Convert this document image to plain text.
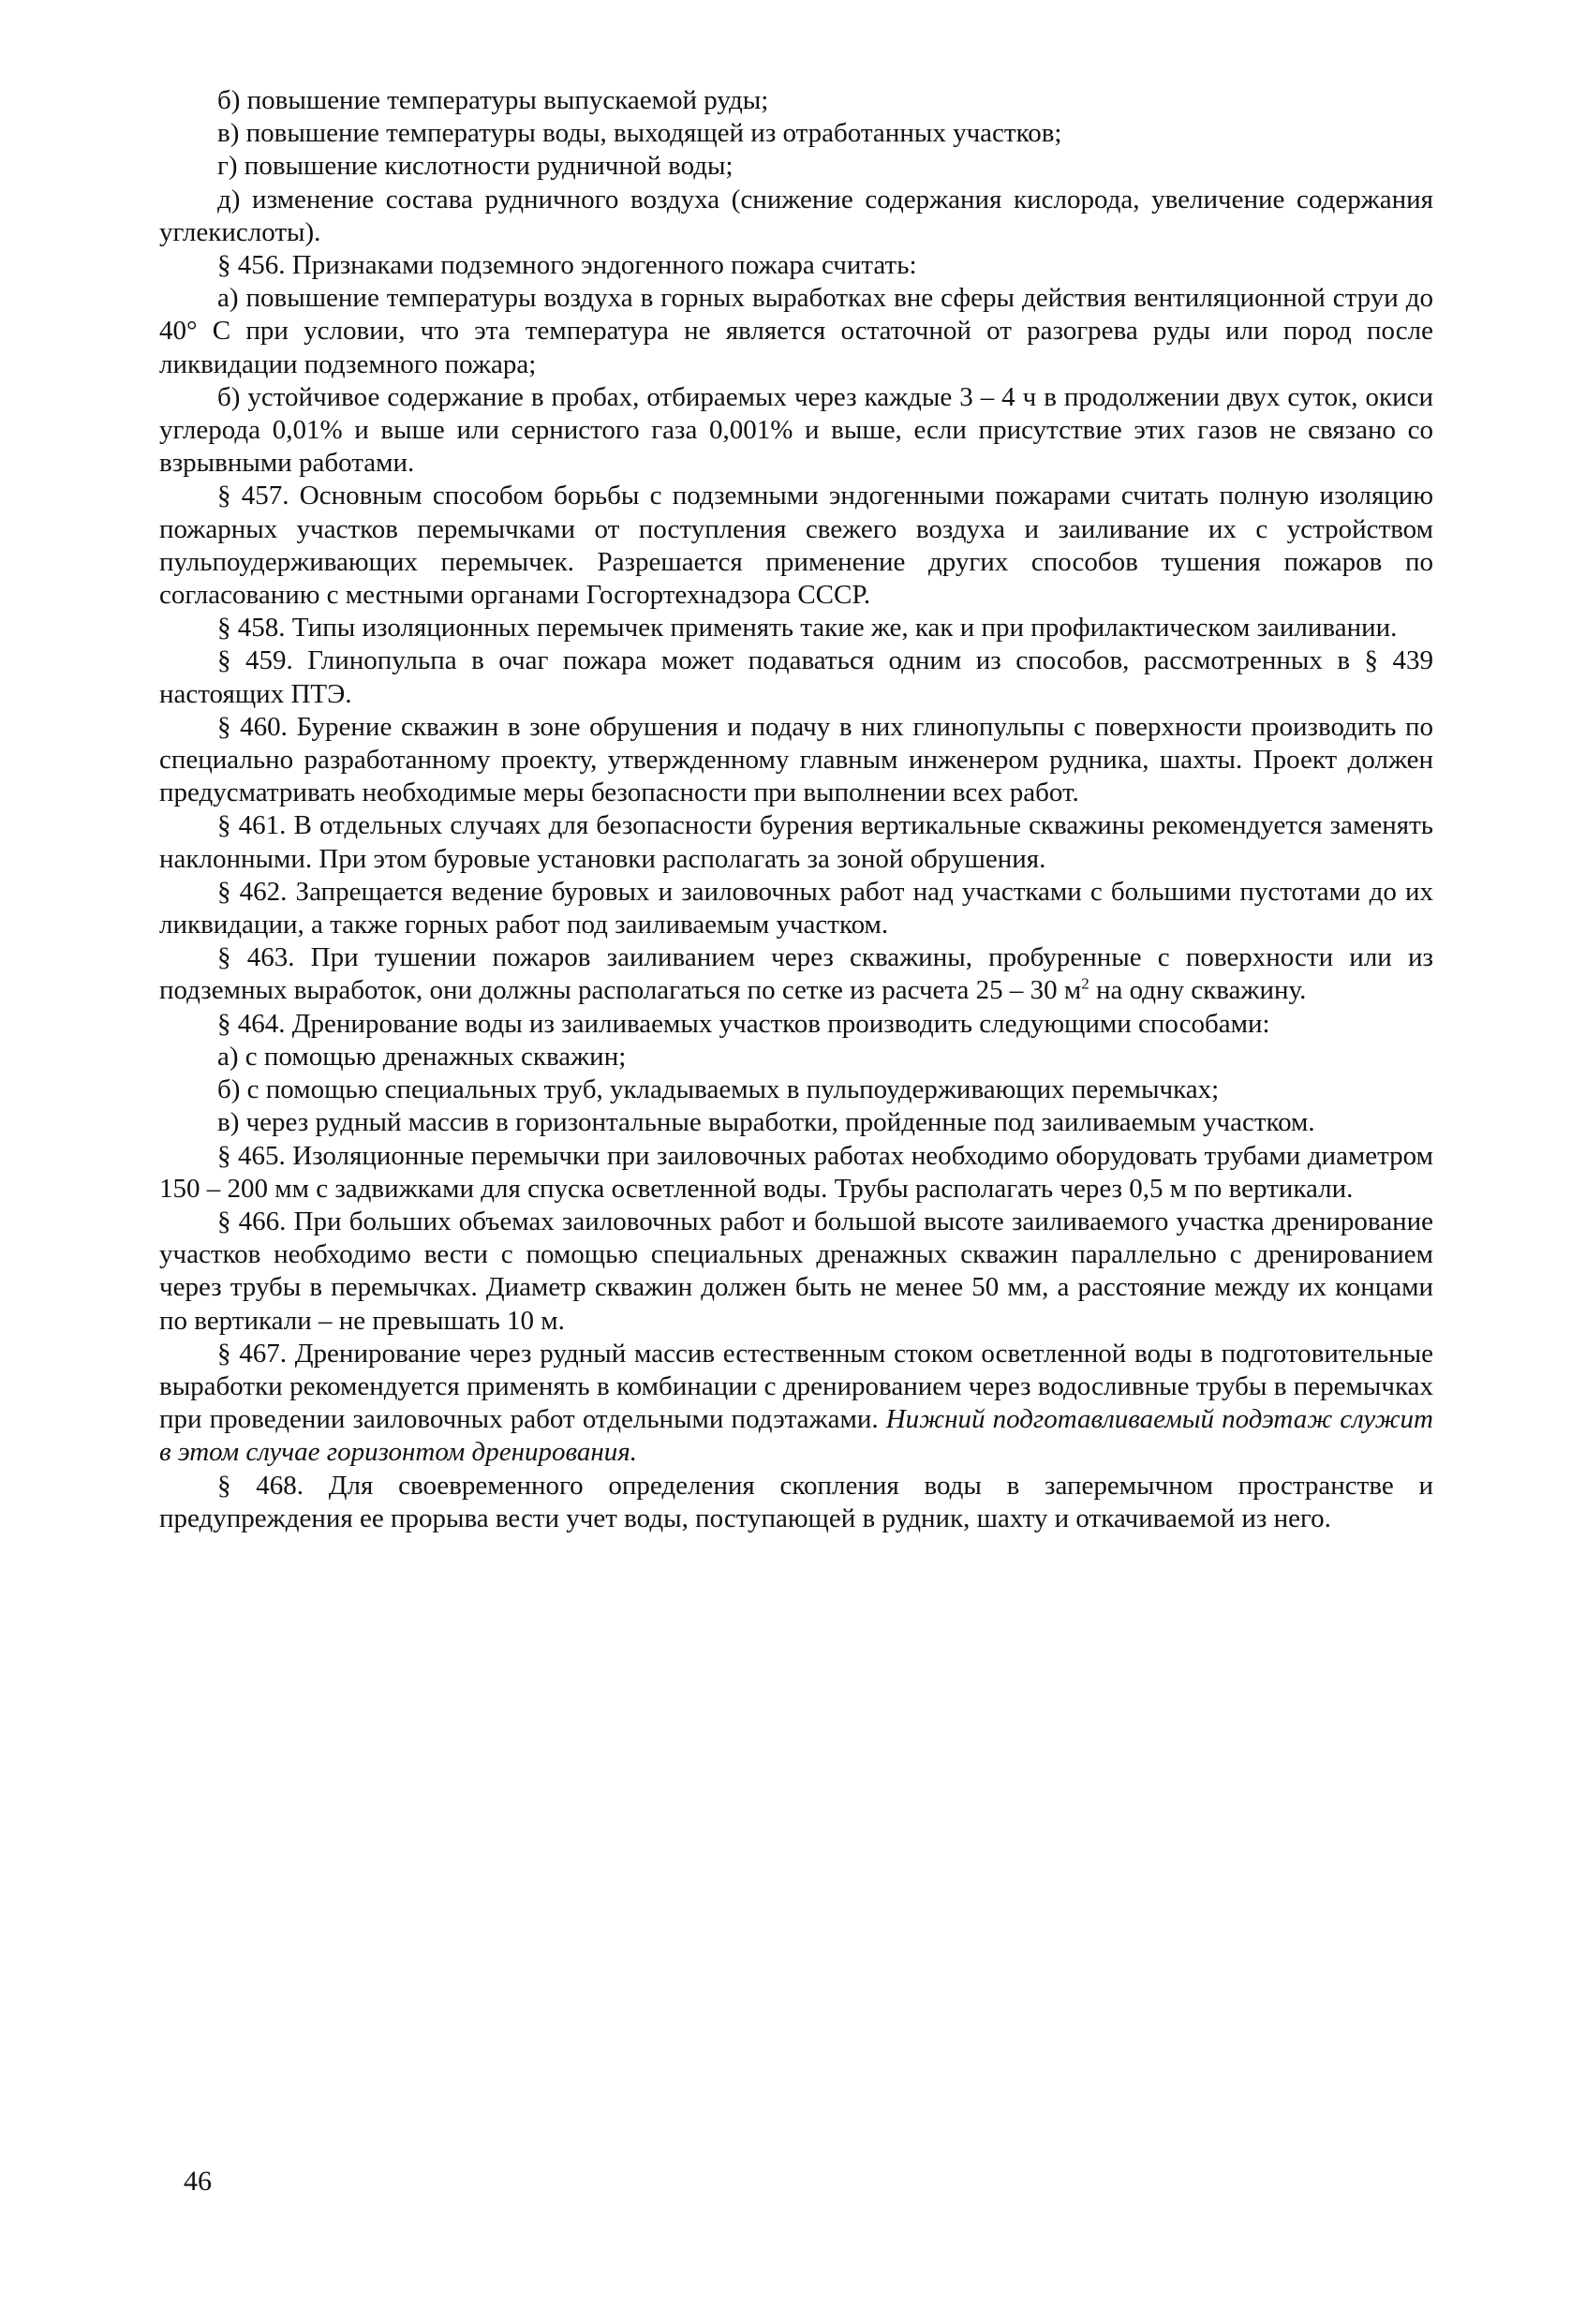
б) повышение температуры выпускаемой руды;

в) повышение температуры воды, выходящей из отработанных участков;

г) повышение кислотности рудничной воды;

д) изменение состава рудничного воздуха (снижение содержания кислорода, увеличение содержания углекислоты).

§ 456. Признаками подземного эндогенного пожара считать:

а) повышение температуры воздуха в горных выработках вне сферы действия вентиляционной струи до 40° С при условии, что эта температура не является остаточной от разогрева руды или пород после ликвидации подземного пожара;

б) устойчивое содержание в пробах, отбираемых через каждые 3 – 4 ч в продолжении двух суток, окиси углерода 0,01% и выше или сернистого газа 0,001% и выше, если присутствие этих газов не связано со взрывными работами.

§ 457. Основным способом борьбы с подземными эндогенными пожарами считать полную изоляцию пожарных участков перемычками от поступления свежего воздуха и заиливание их с устройством пульпоудерживающих перемычек. Разрешается применение других способов тушения пожаров по согласованию с местными органами Госгортехнадзора СССР.

§ 458. Типы изоляционных перемычек применять такие же, как и при профилактическом заиливании.

§ 459. Глинопульпа в очаг пожара может подаваться одним из способов, рассмотренных в § 439 настоящих ПТЭ.

§ 460. Бурение скважин в зоне обрушения и подачу в них глинопульпы с поверхности производить по специально разработанному проекту, утвержденному главным инженером рудника, шахты. Проект должен предусматривать необходимые меры безопасности при выполнении всех работ.

§ 461. В отдельных случаях для безопасности бурения вертикальные скважины рекомендуется заменять наклонными. При этом буровые установки располагать за зоной обрушения.

§ 462. Запрещается ведение буровых и заиловочных работ над участками с большими пустотами до их ликвидации, а также горных работ под заиливаемым участком.

§ 463. При тушении пожаров заиливанием через скважины, пробуренные с поверхности или из подземных выработок, они должны располагаться по сетке из расчета 25 – 30 $м^2$ на одну скважину.

§ 464. Дренирование воды из заиливаемых участков производить следующими способами:

а) с помощью дренажных скважин;

б) с помощью специальных труб, укладываемых в пульпоудерживающих перемычках;

в) через рудный массив в горизонтальные выработки, пройденные под заиливаемым участком.

§ 465. Изоляционные перемычки при заиловочных работах необходимо оборудовать трубами диаметром 150 – 200 мм с задвижками для спуска осветленной воды. Трубы располагать через 0,5 м по вертикали.

§ 466. При больших объемах заиловочных работ и большой высоте заиливаемого участка дренирование участков необходимо вести с помощью специальных дренажных скважин параллельно с дренированием через трубы в перемычках. Диаметр скважин должен быть не менее 50 мм, а расстояние между их концами по вертикали – не превышать 10 м.

§ 467. Дренирование через рудный массив естественным стоком осветленной воды в подготовительные выработки рекомендуется применять в комбинации с дренированием через водосливные трубы в перемычках при проведении заиловочных работ отдельными подэтажами. Нижний подготавливаемый подэтаж служит в этом случае горизонтом дренирования.

§ 468. Для своевременного определения скопления воды в заперемычном пространстве и предупреждения ее прорыва вести учет воды, поступающей в рудник, шахту и откачиваемой из него.

46
